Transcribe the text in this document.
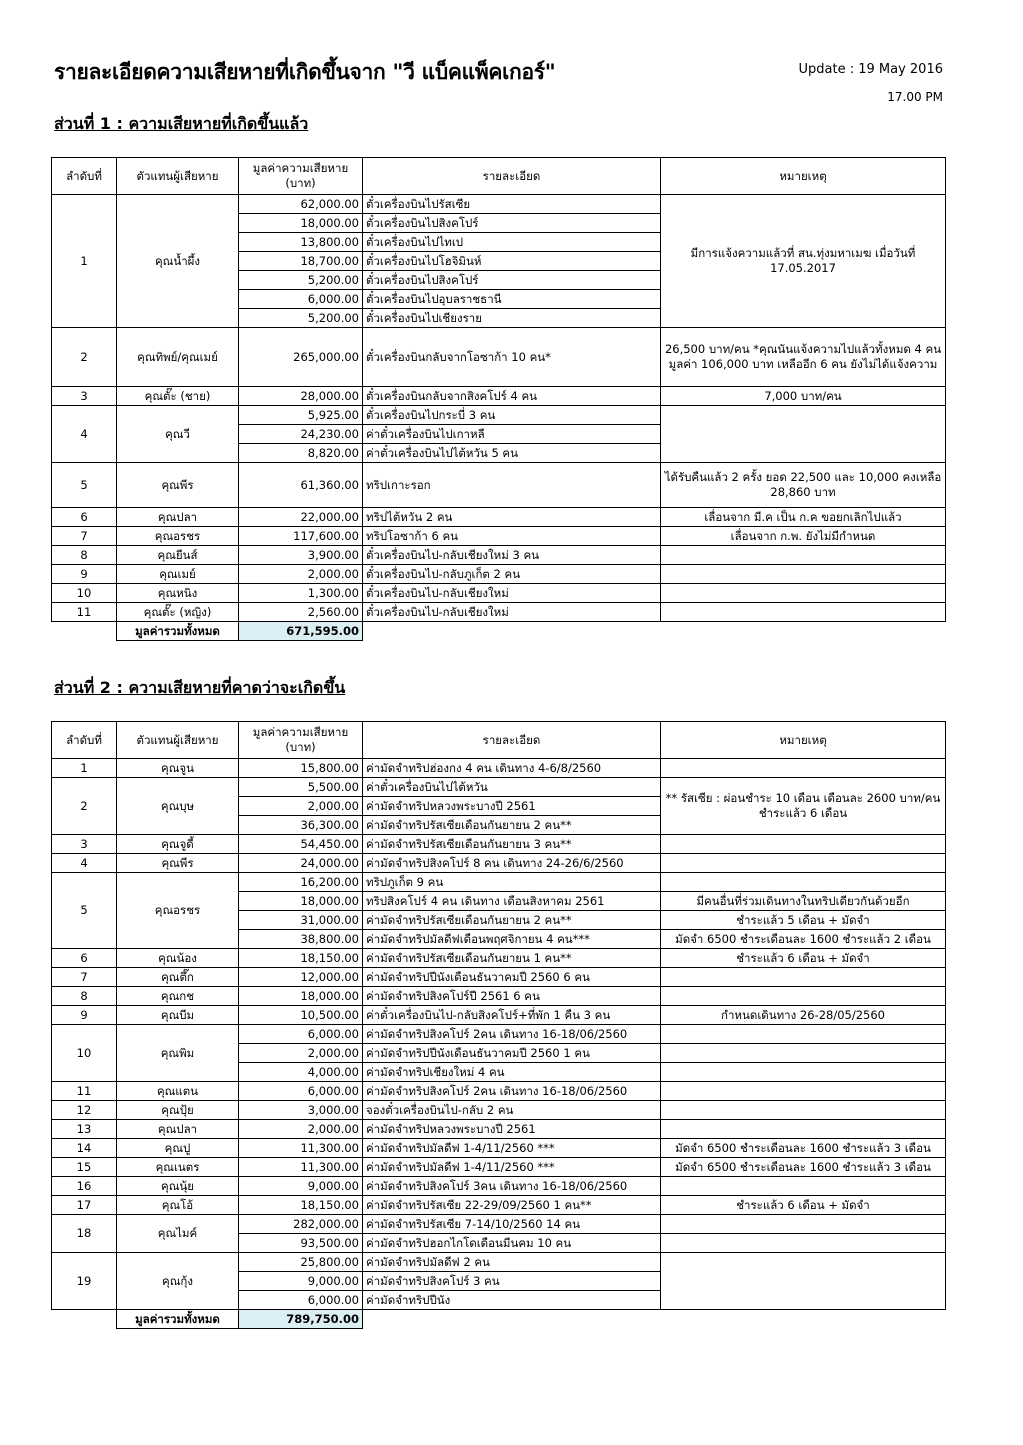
รายละเอียดความเสียหายที่เกิดขึ้นจาก "วี แบ็คแพ็คเกอร์"	Update : 19 May 2016
17.00 PM
ส่วนที่ 1 : ความเสียหายที่เกิดขึ้นแล้ว
ลำดับที่	ตัวแทนผู้เสียหาย	มูลค่าความเสียหาย (บาท)	รายละเอียด	หมายเหตุ
1	คุณน้ำผึ้ง	62,000.00	ตั๋วเครื่องบินไปรัสเซีย	มีการแจ้งความแล้วที่ สน.ทุ่งมหาเมฆ เมื่อวันที่ 17.05.2017
		18,000.00	ตั๋วเครื่องบินไปสิงคโปร์	
		13,800.00	ตั๋วเครื่องบินไปไทเป	
		18,700.00	ตั๋วเครื่องบินไปโฮจิมินห์	
		5,200.00	ตั๋วเครื่องบินไปสิงคโปร์	
		6,000.00	ตั๋วเครื่องบินไปอุบลราชธานี	
		5,200.00	ตั๋วเครื่องบินไปเชียงราย	
2	คุณทิพย์/คุณเมย์	265,000.00	ตั๋วเครื่องบินกลับจากโอซาก้า 10 คน*	26,500 บาท/คน *คุณนันแจ้งความไปแล้วทั้งหมด 4 คน มูลค่า 106,000 บาท เหลืออีก 6 คน ยังไม่ได้แจ้งความ
3	คุณตั๊ะ (ชาย)	28,000.00	ตั๋วเครื่องบินกลับจากสิงคโปร์ 4 คน	7,000 บาท/คน
4	คุณวี	5,925.00	ตั๋วเครื่องบินไปกระบี่ 3 คน	
		24,230.00	ค่าตั๋วเครื่องบินไปเกาหลี	
		8,820.00	ค่าตั๋วเครื่องบินไปไต้หวัน 5 คน	
5	คุณพีร	61,360.00	ทริปเกาะรอก	ได้รับคืนแล้ว 2 ครั้ง ยอด 22,500 และ 10,000 คงเหลือ 28,860 บาท
6	คุณปลา	22,000.00	ทริปไต้หวัน 2 คน	เลื่อนจาก มี.ค เป็น ก.ค ขอยกเลิกไปแล้ว
7	คุณอรชร	117,600.00	ทริปโอซาก้า 6 คน	เลื่อนจาก ก.พ. ยังไม่มีกำหนด
8	คุณยีนส์	3,900.00	ตั๋วเครื่องบินไป-กลับเชียงใหม่ 3 คน	
9	คุณเมย์	2,000.00	ตั๋วเครื่องบินไป-กลับภูเก็ต 2 คน	
10	คุณหนิง	1,300.00	ตั๋วเครื่องบินไป-กลับเชียงใหม่	
11	คุณตั๊ะ (หญิง)	2,560.00	ตั๋วเครื่องบินไป-กลับเชียงใหม่	
	มูลค่ารวมทั้งหมด	671,595.00		
ส่วนที่ 2 : ความเสียหายที่คาดว่าจะเกิดขึ้น
ลำดับที่	ตัวแทนผู้เสียหาย	มูลค่าความเสียหาย (บาท)	รายละเอียด	หมายเหตุ
1	คุณจูน	15,800.00	ค่ามัดจำทริปฮ่องกง 4 คน เดินทาง 4-6/8/2560	
2	คุณบุษ	5,500.00	ค่าตั๋วเครื่องบินไปไต้หวัน	** รัสเซีย : ผ่อนชำระ 10 เดือน เดือนละ 2600 บาท/คน ชำระแล้ว 6 เดือน
		2,000.00	ค่ามัดจำทริปหลวงพระบางปี 2561	
		36,300.00	ค่ามัดจำทริปรัสเซียเดือนกันยายน 2 คน**	
3	คุณจูดี้	54,450.00	ค่ามัดจำทริปรัสเซียเดือนกันยายน 3 คน**	
4	คุณพีร	24,000.00	ค่ามัดจำทริปสิงคโปร์ 8 คน เดินทาง 24-26/6/2560	
5	คุณอรชร	16,200.00	ทริปภูเก็ต 9 คน	
		18,000.00	ทริปสิงคโปร์ 4 คน เดินทาง เดือนสิงหาคม 2561	มีคนอื่นที่ร่วมเดินทางในทริปเดียวกันด้วยอีก
		31,000.00	ค่ามัดจำทริปรัสเซียเดือนกันยายน 2 คน**	ชำระแล้ว 5 เดือน + มัดจำ
		38,800.00	ค่ามัดจำทริปมัลดีฟเดือนพฤศจิกายน 4 คน***	มัดจำ 6500 ชำระเดือนละ 1600 ชำระแล้ว 2 เดือน
6	คุณน้อง	18,150.00	ค่ามัดจำทริปรัสเซียเดือนกันยายน 1 คน**	ชำระแล้ว 6 เดือน + มัดจำ
7	คุณตึ๊ก	12,000.00	ค่ามัดจำทริปปีนังเดือนธันวาคมปี 2560 6 คน	
8	คุณกช	18,000.00	ค่ามัดจำทริปสิงคโปร์ปี 2561 6 คน	
9	คุณบีม	10,500.00	ค่าตั๋วเครื่องบินไป-กลับสิงคโปร์+ที่พัก 1 คืน 3 คน	กำหนดเดินทาง 26-28/05/2560
10	คุณพิม	6,000.00	ค่ามัดจำทริปสิงคโปร์ 2คน เดินทาง 16-18/06/2560	
		2,000.00	ค่ามัดจำทริปปีนังเดือนธันวาคมปี 2560 1 คน	
		4,000.00	ค่ามัดจำทริปเชียงใหม่ 4 คน	
11	คุณแตน	6,000.00	ค่ามัดจำทริปสิงคโปร์ 2คน เดินทาง 16-18/06/2560	
12	คุณปุ้ย	3,000.00	จองตั๋วเครื่องบินไป-กลับ 2 คน	
13	คุณปลา	2,000.00	ค่ามัดจำทริปหลวงพระบางปี 2561	
14	คุณปู	11,300.00	ค่ามัดจำทริปมัลดีฟ 1-4/11/2560 ***	มัดจำ 6500 ชำระเดือนละ 1600 ชำระแล้ว 3 เดือน
15	คุณเนตร	11,300.00	ค่ามัดจำทริปมัลดีฟ 1-4/11/2560 ***	มัดจำ 6500 ชำระเดือนละ 1600 ชำระแล้ว 3 เดือน
16	คุณนุ้ย	9,000.00	ค่ามัดจำทริปสิงคโปร์ 3คน เดินทาง 16-18/06/2560	
17	คุณโอ้	18,150.00	ค่ามัดจำทริปรัสเซีย 22-29/09/2560 1 คน**	ชำระแล้ว 6 เดือน + มัดจำ
18	คุณไมค์	282,000.00	ค่ามัดจำทริปรัสเซีย 7-14/10/2560 14 คน	
		93,500.00	ค่ามัดจำทริปฮอกไกโดเดือนมีนคม 10 คน	
19	คุณกุ้ง	25,800.00	ค่ามัดจำทริปมัลดีฟ 2 คน	
		9,000.00	ค่ามัดจำทริปสิงคโปร์ 3 คน	
		6,000.00	ค่ามัดจำทริปปีนัง	
	มูลค่ารวมทั้งหมด	789,750.00		
